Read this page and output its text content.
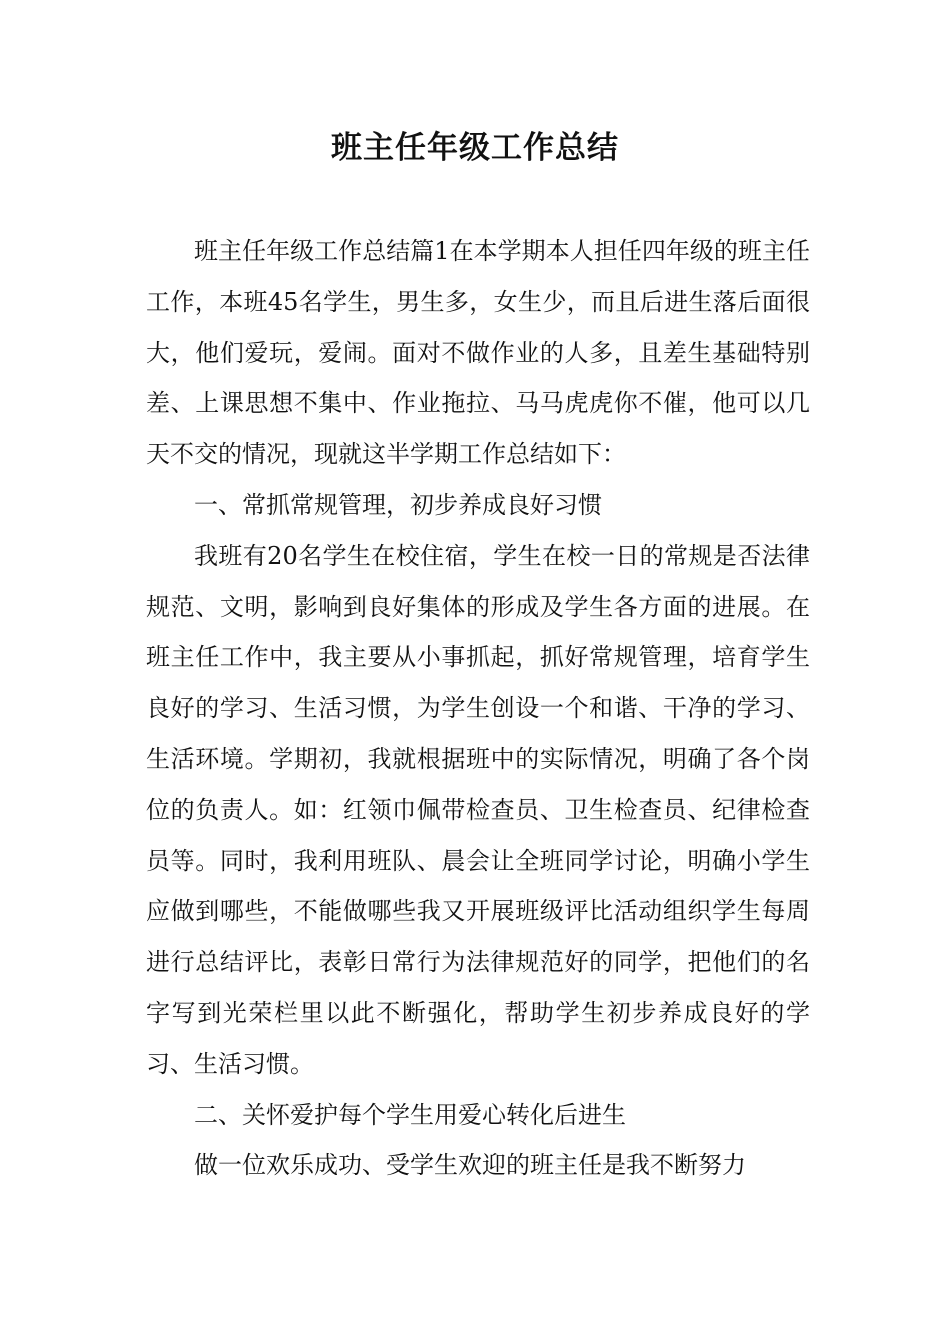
班主任年级工作总结

班主任年级工作总结篇1在本学期本人担任四年级的班主任工作，本班45名学生，男生多，女生少，而且后进生落后面很大，他们爱玩，爱闹。面对不做作业的人多，且差生基础特别差、上课思想不集中、作业拖拉、马马虎虎你不催，他可以几天不交的情况，现就这半学期工作总结如下：

一、常抓常规管理，初步养成良好习惯

我班有20名学生在校住宿，学生在校一日的常规是否法律规范、文明，影响到良好集体的形成及学生各方面的进展。在班主任工作中，我主要从小事抓起，抓好常规管理，培育学生良好的学习、生活习惯，为学生创设一个和谐、干净的学习、生活环境。学期初，我就根据班中的实际情况，明确了各个岗位的负责人。如：红领巾佩带检查员、卫生检查员、纪律检查员等。同时，我利用班队、晨会让全班同学讨论，明确小学生应做到哪些，不能做哪些我又开展班级评比活动组织学生每周进行总结评比，表彰日常行为法律规范好的同学，把他们的名字写到光荣栏里以此不断强化，帮助学生初步养成良好的学习、生活习惯。

二、关怀爱护每个学生用爱心转化后进生

做一位欢乐成功、受学生欢迎的班主任是我不断努力
